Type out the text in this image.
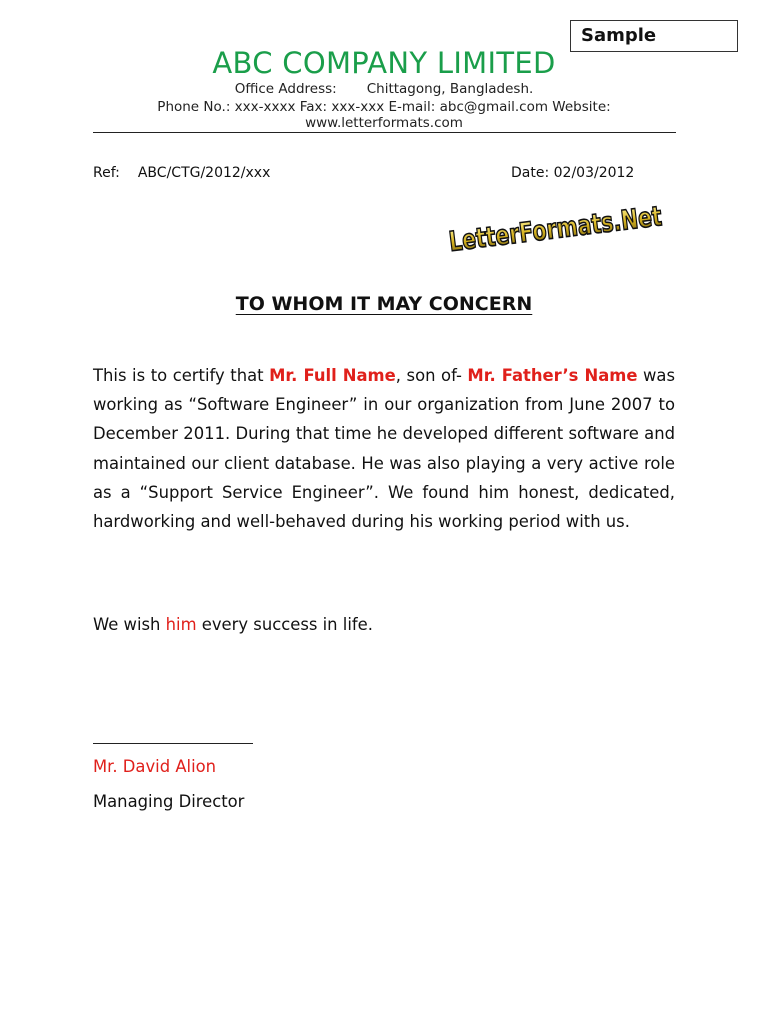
Sample
ABC COMPANY LIMITED
Office Address: Chittagong, Bangladesh.
Phone No.: xxx-xxxx Fax: xxx-xxx E-mail: abc@gmail.com Website:
www.letterformats.com
Ref: ABC/CTG/2012/xxx	Date: 02/03/2012
LetterFormats.Net
TO WHOM IT MAY CONCERN
This is to certify that Mr. Full Name, son of- Mr. Father’s Name was working as “Software Engineer” in our organization from June 2007 to December 2011. During that time he developed different software and maintained our client database. He was also playing a very active role as a “Support Service Engineer”. We found him honest, dedicated, hardworking and well-behaved during his working period with us.
We wish him every success in life.
Mr. David Alion
Managing Director
